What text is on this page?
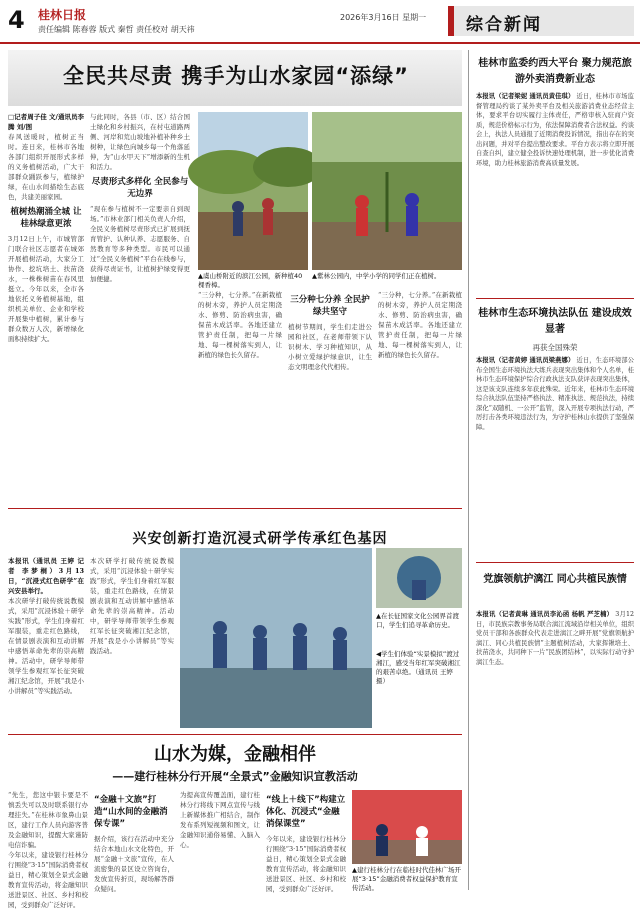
4 桂林日报
责任编辑 陈春蓉 版式 秦哲 责任校对 胡天祎
2026年3月16日 星期一 综合新闻
全民共尽责 携手为山水家园“添绿”
□记者周子佳 文/通讯员李腾 刘/图
春风送暖时，植树正当时。连日来，桂林市各地各部门组织开展形式多样的义务植树活动，广大干部群众踊跃参与，植绿护绿，在山水间描绘生态底色，共建美丽家园。
植树热潮涌全城 让桂林绿意更浓
3月12日上午，市城管部门联合社区志愿者在城郊开展植树活动，大家分工协作、挖坑培土、扶苗浇水，一株株树苗在春风里挺立。今年以来，全市各地依托义务植树基地，组织机关单位、企业和学校开展集中植树，累计参与群众数万人次，新增绿化面积持续扩大。
与此同时，各县（市、区）结合国土绿化和乡村振兴，在村屯道路两侧、河岸和荒山坡地补植补种乡土树种，让绿色向城乡每一个角落延伸，为“山水甲天下”增添新的生机和活力。
尽责形式多样化 全民参与无边界
“现在参与植树不一定要亲自到现场。”市林业部门相关负责人介绍，全民义务植树尽责形式已扩展到抚育管护、认种认养、志愿服务、自然教育等多种类型。市民可以通过“全民义务植树”平台在线参与，获得尽责证书，让植树护绿变得更加便捷。	▲虞山桥附近的滨江公园，新种植40棵香樟。
▲紫林公园内，中学小学的同学们正在植树。
“三分种，七分养。”在新栽植的树木旁，养护人员定期浇水、修剪、防治病虫害，确保苗木成活率。各地还建立管护责任制，把每一片绿地、每一棵树落实到人，让新植的绿色长久留存。
三分种七分养 全民护绿共坚守
植树节期间，学生们走进公园和社区，在老师带领下认识树木、学习种植知识，从小树立爱绿护绿意识，让生态文明理念代代相传。
“三分种，七分养。”在新栽植的树木旁，养护人员定期浇水、修剪、防治病虫害，确保苗木成活率。各地还建立管护责任制，把每一片绿地、每一棵树落实到人，让新植的绿色长久留存。
兴安创新打造沉浸式研学传承红色基因
本报讯（通讯员 王婷 记者 李梦桐）3月13日，“沉浸式红色研学”在兴安县举行。
本次研学打破传统说教模式，采用“沉浸体验＋研学实践”形式，学生们身着红军服装，重走红色路线，在情景剧表演和互动讲解中感悟革命先辈的崇高精神。活动中，研学导师带领学生参观红军长征突破湘江纪念馆，开展“我是小小讲解员”等实践活动。
本次研学打破传统说教模式，采用“沉浸体验＋研学实践”形式，学生们身着红军服装，重走红色路线，在情景剧表演和互动讲解中感悟革命先辈的崇高精神。活动中，研学导师带领学生参观红军长征突破湘江纪念馆，开展“我是小小讲解员”等实践活动。
▲在长征国家文化公园界首渡口，学生们追寻革命历史。
◀学生们体验“实景模拟”渡过湘江，感受当年红军突破湘江的艰苦卓绝。（通讯员 王婷 摄）
山水为媒，金融相伴
——建行桂林分行开展“全景式”金融知识宣教活动
“先生，您这中银卡要是不慎丢失可以及时联系银行办理挂失。”在桂林市象鼻山景区，建行工作人员向游客普及金融知识，提醒大家谨防电信诈骗。
今年以来，建设银行桂林分行围绕“3·15”国际消费者权益日，精心策划全景式金融教育宣传活动，将金融知识送进景区、社区、乡村和校园，受到群众广泛好评。
“金融＋文旅”打造“山水间的金融消保专课”
据介绍，该行在活动中充分结合本地山水文化特色，开展“金融＋文旅”宣传，在人流密集的景区设立咨询台，发放宣传折页，现场解答群众疑问。
为提高宣传覆盖面，建行桂林分行将线下网点宣传与线上新媒体推广相结合，制作发布系列短视频和图文，让金融知识通俗易懂、入脑入心。
“线上＋线下”构建立体化、沉浸式“金融消保课堂”
今年以来，建设银行桂林分行围绕“3·15”国际消费者权益日，精心策划全景式金融教育宣传活动，将金融知识送进景区、社区、乡村和校园，受到群众广泛好评。
▲建行桂林分行在临桂时代佳林广场开展“3·15”金融消费者权益保护教育宣传活动。
桂林市监委约西大平台 聚力规范旅游外卖消费新业态
本报讯（记者梁妮 通讯员黄佳琪） 近日，桂林市市场监督管理局约谈了某外卖平台及相关旅游消费业态经营主体，要求平台切实履行主体责任，严格审核入驻商户资质，规范价格标示行为，依法保障消费者合法权益。约谈会上，执法人员通报了近期消费投诉情况，指出存在的突出问题，并对平台提出整改要求。平台方表示将立即开展自查自纠，建立健全投诉快速处理机制，进一步优化消费环境，助力桂林旅游消费高质量发展。
桂林市生态环境执法队伍 建设成效显著
再获全国殊荣
本报讯（记者黄婷 通讯员梁燕娜） 近日，生态环境部公布全国生态环境执法大练兵表现突出集体和个人名单，桂林市生态环境保护综合行政执法支队获评表现突出集体，这是该支队连续多年获此殊荣。近年来，桂林市生态环境综合执法队伍坚持严格执法、精准执法、规范执法，持续深化“双随机、一公开”监管，深入开展专项执法行动，严厉打击各类环境违法行为，为守护桂林山水提供了坚强保障。
党旗领航护漓江 同心共植民族情
本报讯（记者黄琳 通讯员李沁函 杨帆 严芝楠） 3月12日，市民族宗教事务局联合漓江流域沿岸相关单位，组织党员干部和各族群众代表走进漓江之畔开展“党旗领航护漓江、同心共植民族情”主题植树活动，大家挥锹培土、扶苗浇水，共同种下一片“民族团结林”，以实际行动守护漓江生态。
